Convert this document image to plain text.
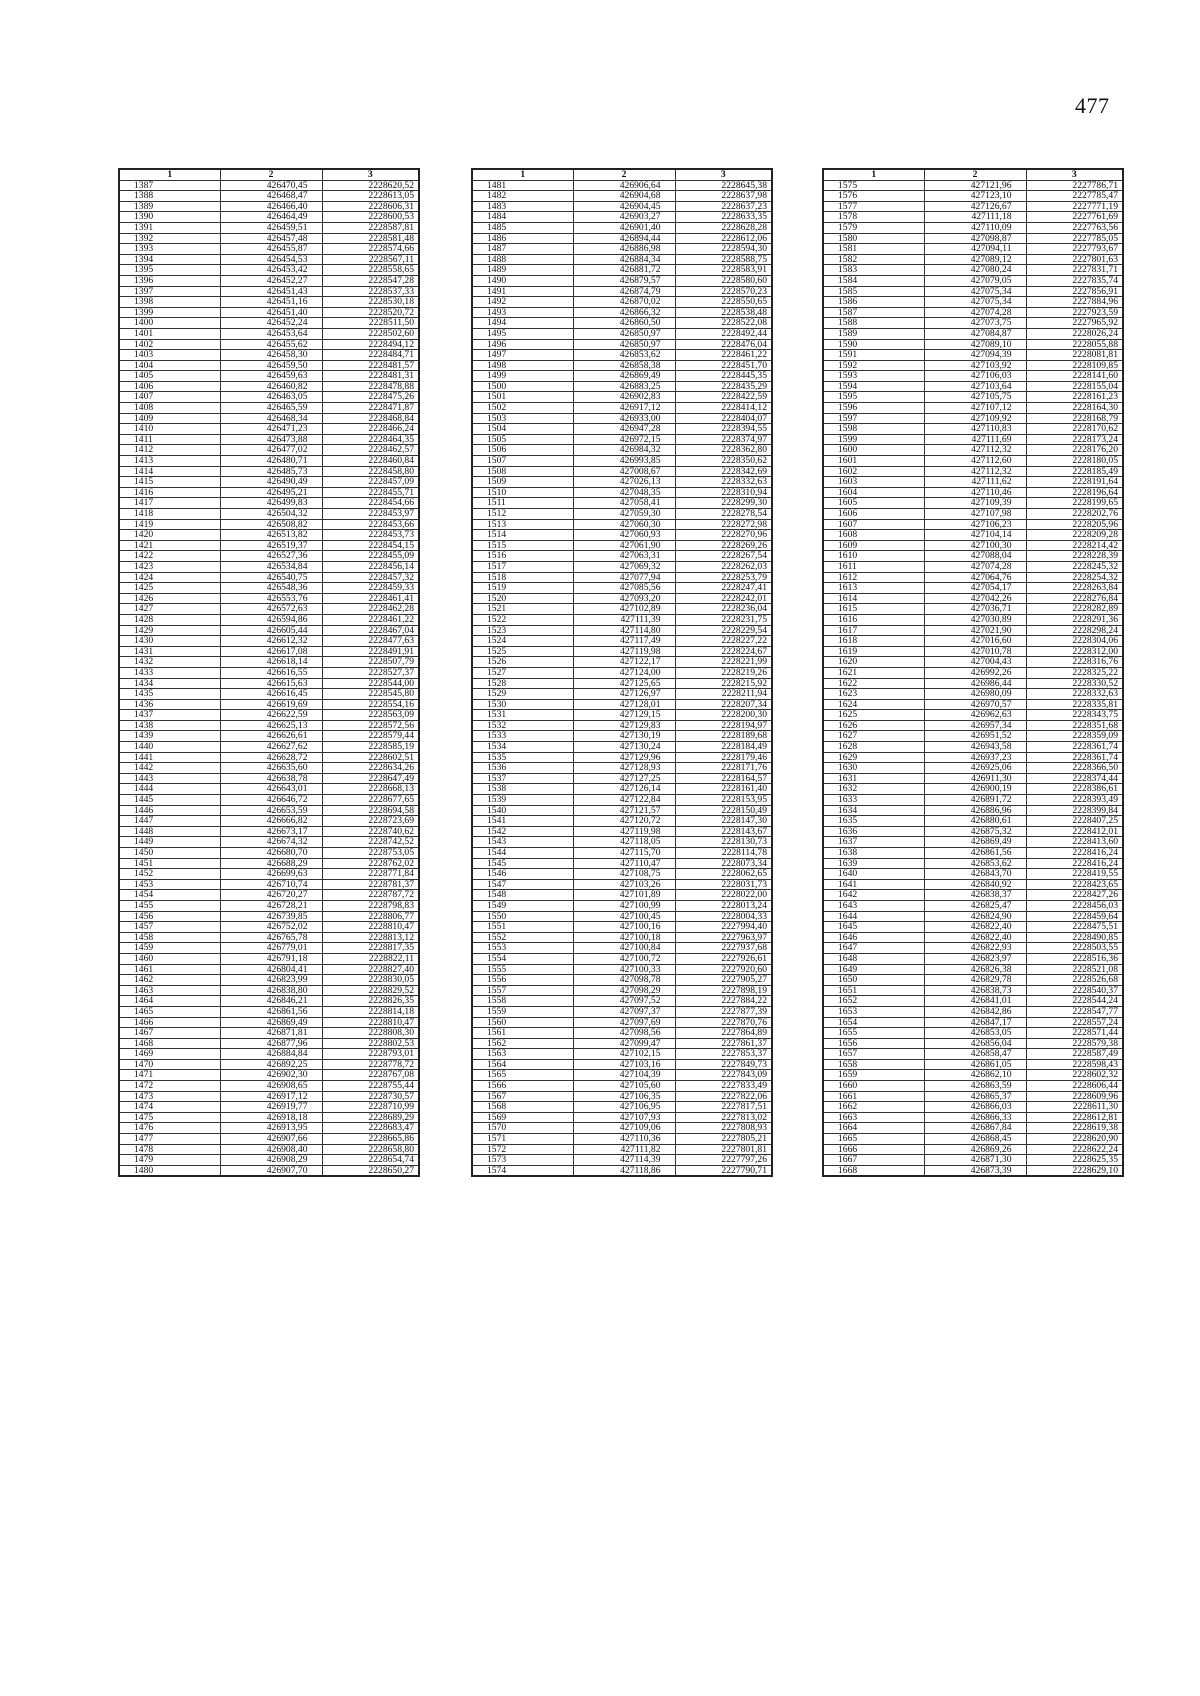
477
1	2	3
1387	426470,45	2228620,52
1388	426468,47	2228613,05
1389	426466,40	2228606,31
1390	426464,49	2228600,53
1391	426459,51	2228587,81
1392	426457,48	2228581,48
1393	426455,87	2228574,66
1394	426454,53	2228567,11
1395	426453,42	2228558,65
1396	426452,27	2228547,28
1397	426451,43	2228537,33
1398	426451,16	2228530,18
1399	426451,40	2228520,72
1400	426452,24	2228511,50
1401	426453,64	2228502,60
1402	426455,62	2228494,12
1403	426458,30	2228484,71
1404	426459,50	2228481,57
1405	426459,63	2228481,31
1406	426460,82	2228478,88
1407	426463,05	2228475,26
1408	426465,59	2228471,87
1409	426468,34	2228468,84
1410	426471,23	2228466,24
1411	426473,88	2228464,35
1412	426477,02	2228462,57
1413	426480,71	2228460,84
1414	426485,73	2228458,80
1415	426490,49	2228457,09
1416	426495,21	2228455,71
1417	426499,83	2228454,66
1418	426504,32	2228453,97
1419	426508,82	2228453,66
1420	426513,82	2228453,73
1421	426519,37	2228454,15
1422	426527,36	2228455,09
1423	426534,84	2228456,14
1424	426540,75	2228457,32
1425	426548,36	2228459,33
1426	426553,76	2228461,41
1427	426572,63	2228462,28
1428	426594,86	2228461,22
1429	426605,44	2228467,04
1430	426612,32	2228477,63
1431	426617,08	2228491,91
1432	426618,14	2228507,79
1433	426616,55	2228527,37
1434	426615,63	2228544,00
1435	426616,45	2228545,80
1436	426619,69	2228554,16
1437	426622,59	2228563,09
1438	426625,13	2228572,56
1439	426626,61	2228579,44
1440	426627,62	2228585,19
1441	426628,72	2228602,51
1442	426635,60	2228634,26
1443	426638,78	2228647,49
1444	426643,01	2228668,13
1445	426646,72	2228677,65
1446	426653,59	2228694,58
1447	426666,82	2228723,69
1448	426673,17	2228740,62
1449	426674,32	2228742,52
1450	426680,70	2228753,05
1451	426688,29	2228762,02
1452	426699,63	2228771,84
1453	426710,74	2228781,37
1454	426720,27	2228787,72
1455	426728,21	2228798,83
1456	426739,85	2228806,77
1457	426752,02	2228810,47
1458	426765,78	2228813,12
1459	426779,01	2228817,35
1460	426791,18	2228822,11
1461	426804,41	2228827,40
1462	426823,99	2228830,05
1463	426838,80	2228829,52
1464	426846,21	2228826,35
1465	426861,56	2228814,18
1466	426869,49	2228810,47
1467	426871,81	2228808,30
1468	426877,96	2228802,53
1469	426884,84	2228793,01
1470	426892,25	2228778,72
1471	426902,30	2228767,08
1472	426908,65	2228755,44
1473	426917,12	2228730,57
1474	426919,77	2228710,99
1475	426918,18	2228689,29
1476	426913,95	2228683,47
1477	426907,66	2228665,86
1478	426908,40	2228658,80
1479	426908,29	2228654,74
1480	426907,70	2228650,27
1	2	3
1481	426906,64	2228645,38
1482	426904,68	2228637,98
1483	426904,45	2228637,23
1484	426903,27	2228633,35
1485	426901,40	2228628,28
1486	426894,44	2228612,06
1487	426886,98	2228594,30
1488	426884,34	2228588,75
1489	426881,72	2228583,91
1490	426879,57	2228580,60
1491	426874,79	2228570,23
1492	426870,02	2228550,65
1493	426866,32	2228538,48
1494	426860,50	2228522,08
1495	426850,97	2228492,44
1496	426850,97	2228476,04
1497	426853,62	2228461,22
1498	426858,38	2228451,70
1499	426869,49	2228445,35
1500	426883,25	2228435,29
1501	426902,83	2228422,59
1502	426917,12	2228414,12
1503	426933,00	2228404,07
1504	426947,28	2228394,55
1505	426972,15	2228374,97
1506	426984,32	2228362,80
1507	426993,85	2228350,62
1508	427008,67	2228342,69
1509	427026,13	2228332,63
1510	427048,35	2228310,94
1511	427058,41	2228299,30
1512	427059,30	2228278,54
1513	427060,30	2228272,98
1514	427060,93	2228270,96
1515	427061,90	2228269,26
1516	427063,31	2228267,54
1517	427069,32	2228262,03
1518	427077,94	2228253,79
1519	427085,56	2228247,41
1520	427093,20	2228242,01
1521	427102,89	2228236,04
1522	427111,39	2228231,75
1523	427114,80	2228229,54
1524	427117,49	2228227,22
1525	427119,98	2228224,67
1526	427122,17	2228221,99
1527	427124,00	2228219,26
1528	427125,65	2228215,92
1529	427126,97	2228211,94
1530	427128,01	2228207,34
1531	427129,15	2228200,30
1532	427129,83	2228194,97
1533	427130,19	2228189,68
1534	427130,24	2228184,49
1535	427129,96	2228179,46
1536	427128,93	2228171,76
1537	427127,25	2228164,57
1538	427126,14	2228161,40
1539	427122,84	2228153,95
1540	427121,57	2228150,49
1541	427120,72	2228147,30
1542	427119,98	2228143,67
1543	427118,05	2228130,73
1544	427115,70	2228114,78
1545	427110,47	2228073,34
1546	427108,75	2228062,65
1547	427103,26	2228031,73
1548	427101,89	2228022,00
1549	427100,99	2228013,24
1550	427100,45	2228004,33
1551	427100,16	2227994,40
1552	427100,18	2227963,97
1553	427100,84	2227937,68
1554	427100,72	2227926,61
1555	427100,33	2227920,60
1556	427098,78	2227905,27
1557	427098,29	2227898,19
1558	427097,52	2227884,22
1559	427097,37	2227877,39
1560	427097,69	2227870,76
1561	427098,56	2227864,89
1562	427099,47	2227861,37
1563	427102,15	2227853,37
1564	427103,16	2227849,73
1565	427104,39	2227843,09
1566	427105,60	2227833,49
1567	427106,35	2227822,06
1568	427106,95	2227817,51
1569	427107,93	2227813,02
1570	427109,06	2227808,93
1571	427110,36	2227805,21
1572	427111,82	2227801,81
1573	427114,39	2227797,26
1574	427118,86	2227790,71
1	2	3
1575	427121,96	2227786,71
1576	427123,10	2227785,47
1577	427126,67	2227771,19
1578	427111,18	2227761,69
1579	427110,09	2227763,56
1580	427098,87	2227785,05
1581	427094,11	2227793,67
1582	427089,12	2227801,63
1583	427080,24	2227831,71
1584	427079,05	2227835,74
1585	427075,34	2227856,91
1586	427075,34	2227884,96
1587	427074,28	2227923,59
1588	427073,75	2227965,92
1589	427084,87	2228026,24
1590	427089,10	2228055,88
1591	427094,39	2228081,81
1592	427103,92	2228109,85
1593	427106,03	2228141,60
1594	427103,64	2228155,04
1595	427105,75	2228161,23
1596	427107,12	2228164,30
1597	427109,92	2228168,79
1598	427110,83	2228170,62
1599	427111,69	2228173,24
1600	427112,32	2228176,20
1601	427112,60	2228180,05
1602	427112,32	2228185,49
1603	427111,62	2228191,64
1604	427110,46	2228196,64
1605	427109,39	2228199,65
1606	427107,98	2228202,76
1607	427106,23	2228205,96
1608	427104,14	2228209,28
1609	427100,30	2228214,42
1610	427088,04	2228228,39
1611	427074,28	2228245,32
1612	427064,76	2228254,32
1613	427054,17	2228263,84
1614	427042,26	2228276,84
1615	427036,71	2228282,89
1616	427030,89	2228291,36
1617	427021,90	2228298,24
1618	427016,60	2228304,06
1619	427010,78	2228312,00
1620	427004,43	2228316,76
1621	426992,26	2228325,22
1622	426986,44	2228330,52
1623	426980,09	2228332,63
1624	426970,57	2228335,81
1625	426962,63	2228343,75
1626	426957,34	2228351,68
1627	426951,52	2228359,09
1628	426943,58	2228361,74
1629	426937,23	2228361,74
1630	426925,06	2228366,50
1631	426911,30	2228374,44
1632	426900,19	2228386,61
1633	426891,72	2228393,49
1634	426886,96	2228399,84
1635	426880,61	2228407,25
1636	426875,32	2228412,01
1637	426869,49	2228413,60
1638	426861,56	2228416,24
1639	426853,62	2228416,24
1640	426843,70	2228419,55
1641	426840,92	2228423,65
1642	426838,37	2228427,26
1643	426825,47	2228456,03
1644	426824,90	2228459,64
1645	426822,40	2228475,51
1646	426822,40	2228490,85
1647	426822,93	2228503,55
1648	426823,97	2228516,36
1649	426826,38	2228521,08
1650	426829,78	2228526,68
1651	426838,73	2228540,37
1652	426841,01	2228544,24
1653	426842,86	2228547,77
1654	426847,17	2228557,24
1655	426853,05	2228571,44
1656	426856,04	2228579,38
1657	426858,47	2228587,49
1658	426861,05	2228598,43
1659	426862,10	2228602,32
1660	426863,59	2228606,44
1661	426865,37	2228609,96
1662	426866,03	2228611,30
1663	426866,33	2228612,81
1664	426867,84	2228619,38
1665	426868,45	2228620,90
1666	426869,26	2228622,24
1667	426871,30	2228625,35
1668	426873,39	2228629,10
